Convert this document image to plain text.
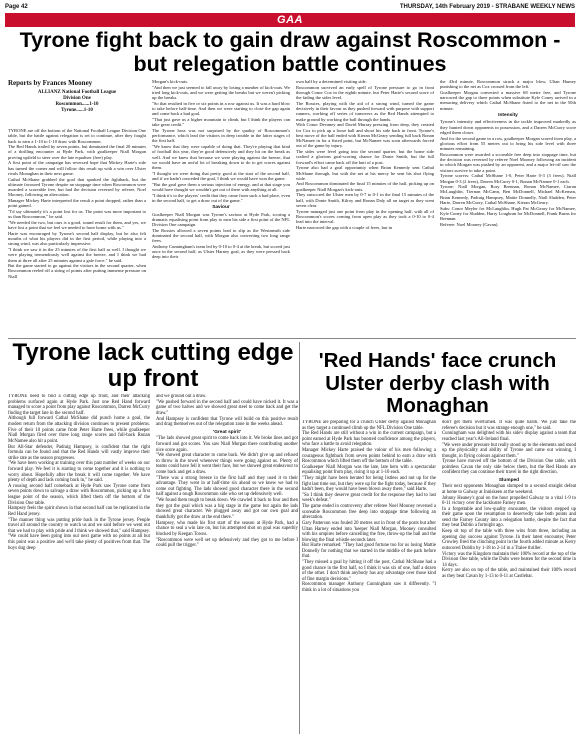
Page 42	THURSDAY, 14th February 2019 - STRABANE WEEKLY NEWS
GAA
Tyrone fight back to gain draw against Roscommon - but relegation battle continues
Reports by Frances Mooney
ALLIANZ National Football League
Division One
Roscommon......1-10
Tyrone......1-10

TYRONE are off the bottom of the National Football League Division One table, but the battle against relegation is set to continue, after they fought back to earn a 1-10 to 1-10 draw with Roscommon.

The Red Hands trailed by seven points, but dominated the final 20 minutes of a thrilling encounter at Hyde Park, with goalkeeper Niall Morgan proving upfield to steer over the late equaliser (free) play.

A first point of the campaign has reversed hope that Mickey Harte's side has turned the corner and will follow this result up with a win over Ulster rivals Monaghan in their next game.

Cathal McShane grabbed the goal that sparked the fightback, but the ultimate favoured Tyrone despite an stoppage time when Roscommon were awarded a scoreable free, but had the decision reversed by referee, Noel Mooney, following an altercation.

Manager Mickey Harte interpreted the result a point dropped, rather than a point gained.

"I'd say ultimately it's a point lost for us. The point was more important to us than Roscommon," he said.

"We needed the two, but ours is a good, sound result for them, and yes, we have lost a point that we feel we needed to have home with us."

Harte was encouraged by Tyrone's second half display, but he also felt mouths of what his players did in the first period, while playing into a strong wind, was also particularly impressive.

"I think we saw it in the 25 minutes of the first half as well. I thought we were playing tremendously well against the breeze, and I think we had them at three all after 25 minutes against a gale force," he said.

But the game started to go against the visitors in the second quarter, when Roscommon reeled off a string of points after putting immense pressure on Niall

Morgan's kick-outs.

"And then we just seemed to fall away by losing a number of kick-outs. We tried long kick-outs, and we were getting the breaks but we weren't picking up the breaks.

"So that resulted in five or six points in a row against us. It was a hard blow to take before half-time. And then we were starting to close the gap again and come back a bad goal.

"That just gave us a higher mountain to climb, but I think the players can take great credit."

The Tyrone boss was not surprised by the quality of Roscommon's performance, which lead the visitors in deep trouble in the latter stages of the first half.

"We know that they were capable of doing that. They're playing that kind of football this year, they're good defensively and they hit on the break as well. And we knew that because we were playing against the breeze, that we would have an awful lot of breaking down to do to get scores against them.

"I thought we were doing that pretty good at the start of the second half, and if we hadn't conceded the goal, I think we would have won the game.

"But the goal gave them a serious injection of energy, and at that stage you would have thought we wouldn't get out of there with anything at all.

"I think it's to the players' credit that they came from such a bad place, even in the second half, to get a draw out of the game."

Saviour

Goalkeeper Niall Morgan was Tyrone's saviour at Hyde Park, scoring a dramatic equalising point from play to earn his side a first point of the NFL Division One campaign.

The Rossies allowed a seven points lead to slip as the Westmeath side dominated the second half, with Morgan also converting two long range frees.

Anthony Cunningham's team led by 0-10 to 0-4 at the break, but scored just once in the second half, as Ulster Harney goal, as they were pressed back deep into their

own half by a determined visiting side.

Roscommon survived an early spell of Tyrone pressure to go in front through Conor Cox in the eighth minute, but Peter Harte's second score of the fading the sides level.

The Rossies, playing with the aid of a strong wind, turned the game decisively in their favour as they pushed forward with purpose with support runners, working off series of turnovers as the Red Hands attempted to make ground by working the ball through the hands.

With Conor Devaney and David Murray pressing from deep, they created for Cox to pick up a loose ball and shoot his side back in front. Tyrone's best move of the half ended with Kieran McGeary sending full back Ronan McNamee in for a fisted point, but McNamee was soon afterwards forced out of the game by injury.

The sides were level going into the second quarter, but the home side crafted a glorious goal-scoring chance for Donie Smith, but the full forward's effort came back off the butt of a post.

Tyrone also had a goal opportunity when Brian Kennedy sent Cathal McShane through, but with the net at his mercy he sent his shot flying wide.

And Roscommon dominated the final 15 minutes of the half, picking up on goalkeeper Niall Morgan's kick-outs.

They outscored the Ulster men by 0-7 to 0-1 in the final 15 minutes of the half, with Donie Smith, Kilroy and Ronan Daly all on target as they went seven clear.

Tyrone managed just one point from play in the opening half, with all of Roscommon's scores coming from open play as they took a 0-10 to 0-4 lead into the interval.

Harte narrowed the gap with a couple of frees, but in

the 43rd minute, Roscommon struck a major blow, Ultan Harney punishing to the net as Cox crossed from the left.

Goalkeeper Morgan converted a massive 68 metre free, and Tyrone narrowed the gap to three points when substitute Kyle Coney arrived in a menacing delivery which Cathal McShane fisted to the net in the 50th minute.

Intensity

Tyrone's intensity and effectiveness in the tackle improved markedly as they hunted down opponents in possession, and a Darren McCurry score edged them closer.

And for the second game in a row, goalkeeper Morgan scored from play, a glorious effort from 55 metres out to bring his side level with three minutes remaining.

Roscommon were awarded a scoreable free deep into stoppage time, but the decision was reversed by referee Noel Mooney following an incident in which Morgan was pushed by an opponent, and a major let-off saw the visitors survive to take a point.

Tyrone scorers: Cathal McShane 1-0, Peter Harte 0-3 (3 frees), Niall Morgan 0-3 (2 frees), Darren McCurry 0-1, Ronan McNamee 0-1 each.

Tyrone: Niall Morgan, Rory Brennan, Ronan McNamee, Ciaran McLaughlin, Tiernan McCann, Ben McDonnell, Michael McKernan, Brian Kennedy, Padraig Hampsey, Mattie Donnelly, Niall Sludden, Peter Harte, Darren McCurry, Cathal McShane, Kieran McGeary.

Subs: Conor Meyler for McLaughlin, Hugh Pat McGeary for McNamee, Kyle Coney for Sludden, Harry Loughran for McDonnell, Frank Burns for Brennan.

Referee: Noel Mooney (Cavan).

Tyrone lack cutting edge up front

TYRONE need to find a cutting edge up front, and their attacking problems surfaced again at Hyde Park. Just one Red Hand forward managed to score a point from play against Roscommon, Darren McCurry finding the target late in the second half.

Although full forward Cathal McShane did punch home a goal, the modest return from the attacking division continues to present problems. Five of their 10 points came from Peter Harte frees, while goalkeeper Niall Morgan fired over three long range scores and full-back Ronan McNamee also hit a point.

But All-Star defender, Padraig Hampsey, is confident that the right formula can be found and that the Red Hands will vastly improve their strike rate as the season progresses.

"We have been working at training over this past number of weeks on our forward play. We feel it is starting to come together and it is nothing to worry about. Hopefully after the break it will come together. We have plenty of depth and lads coming back in," he said.

A rousing second half comeback at Hyde Park saw Tyrone come from seven points down to salvage a draw with Roscommon, picking up a first league point of the season, which lifted them off the bottom of the Division One table.

Hampsey feels the spirit shown in that second half can be replicated in the Red Hand jersey.

"The manner thing was putting pride back in the Tyrone jersey. People travel all around the country to watch us and we said before we went out that we had to play with pride and I think we showed that," said Hampsey. "We could have been going into our next game with no points at all but this point was a positive and we'll take plenty of positives from that. The boys dug deep

and we ground out a draw.

"We pushed forward in the second half and could have nicked it. It was a game of two halves and we showed great steel to come back and get the draw."

And Hampsey is confident that Tyrone will build on this positive result and drag themselves out of the relegation zone in the weeks ahead.

'Great spirit'

"The lads showed great spirit to come back into it. We broke lines and got forward and got scores. You saw Niall Morgan there contributing another nice score again.

"We showed great character to come back. We didn't give up and refused to throw in the towel whenever things were going against us. Plenty of teams could have fell it went their face, but we showed great endeavour to come back and get a draw.

"There was a strong breeze in the first half and they used it to their advantage. They went in at half-time six ahead so we knew we had to come out fighting. The lads showed good character there in the second half against a tough Roscommon side who set up defensively well.

"We found them tough to break down. We crawled it back to four and then they got the goal which was a big stage in the game but again the lads showed great character. We plugged away and got our own goal and thankfully got the draw at the end there."

Hampsey, who made his first start of the season at Hyde Park, had a chance to seal a win late on, but his attempted shot on goal was superbly blocked by Keegan Towns.

"Roscommon were well set up defensively and they got to me before I could pull the trigger."

'Red Hands' face crunch Ulster derby clash with Monaghan

TYRONE are preparing for a crunch Ulster derby against Monaghan as they target a continued climb up the NFL Division One table.

The Red Hands are still without a win in the current campaign, but a point earned at Hyde Park has boosted confidence among the players, who face a battle to avoid relegation.

Manager Mickey Harte praised the valour of his men following a courageous fightback from seven points behind to earn a draw with Roscommon which lifted them off the bottom of the table.

Goalkeeper Niall Morgan was the late, late hero with a spectacular equalising point from play, rising it up at 1-10 each.

"They might have been berated for being listless and not up for the fight last time out, but they were up for the fight today, because if they hadn't been, they would have been blown away there," said Harte.

"So I think they deserve great credit for the response they had to last week's defeat."

The game ended in controversy after referee Noel Mooney reversed a scoreable Roscommon free deep into stoppage time following an altercation.

Gary Patterson was fouled 20 metres out in front of the posts but after Ultan Harney ended into 'keeper Niall Morgan, Mooney consulted with his umpires before cancelling the free, throw-up the ball and the blowing the final whistle seconds later.

But Harte remarked: "They had good fortune too for us losing Mattie Donnelly for nothing that we started in the middle of the park before that.

"They missed a goal by hitting it off the post, Cathal McShane had a good chance in the first half, so I think it was six of one, half a dozen of the other. I don't think anybody has any advantage over those kind of fine margin decisions."

Roscommon manager Anthony Cunningham saw it differently. "I think in a lot of situations you

don't get them overturned. It was quite harsh. We just take the referee's decision but it was strange enough one," he said.

Cunningham was delighted with his side's display against a team that reached last year's All-Ireland final.

"We were under pressure but really stood up to the elements and stood up the physicality and ability of Tyrone and came out winning, I thought, in flying colours against them."

Tyrone have moved off the bottom of the Division One table, with pointless Cavan the only side below them, but the Red Hands are confident they can continue their travel in the right direction.

Slumped

Their next opponents Monaghan slumped to a second straight defeat at home to Galway at Inniskeen at the weekend.

Johnny Heaney's goal on the hour propelled Galway to a vital 1-9 to 0-11 victory over the lacklustre Farney men.

In a forgettable and low-quality encounter, the visitors stepped up their game upon the resumption to deservedly take both points and send the Farney County into a relegation battle, despite the fact that they beat Dublin a fortnight ago.

Keep sit top of the table with three wins from three, including an opening day success against Tyrone. In their latest encounter, Peter Crowley fired the clinching point in the fourth added minute as Kerry outscored Dublin by 1-18 to 2-14 in a Tralee thriller.

Victory was the Kingdom maintain their 100% record at the top of the Division One table, while the Dubs were beaten for the second time in 14 days.

Kerry are also on top of the table, and maintained their 100% record as they beat Cavan by 1-13 to 0-11 at Castlebar.
